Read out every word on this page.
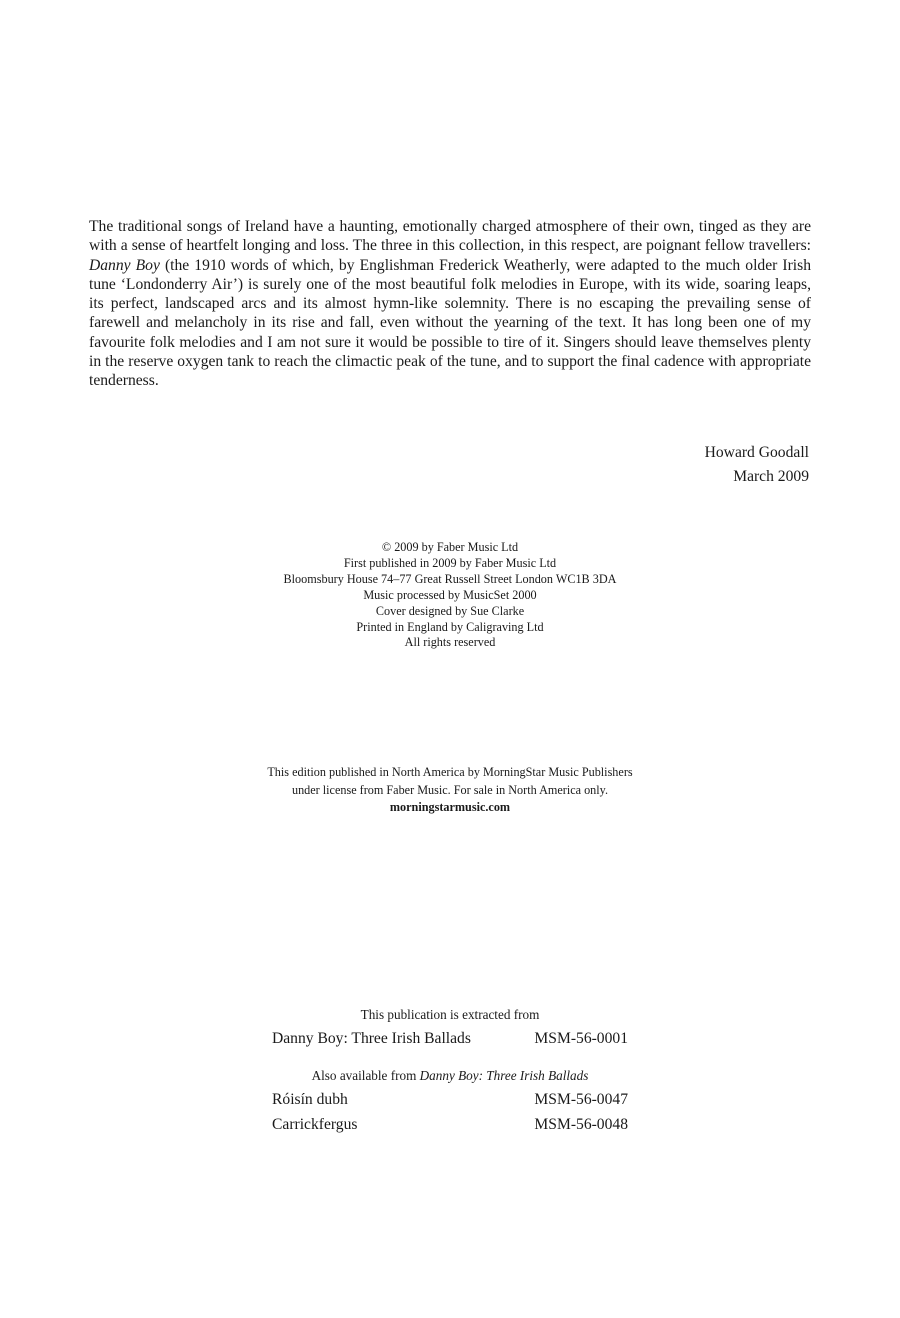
The traditional songs of Ireland have a haunting, emotionally charged atmosphere of their own, tinged as they are with a sense of heartfelt longing and loss. The three in this collection, in this respect, are poignant fellow travellers: Danny Boy (the 1910 words of which, by Englishman Frederick Weatherly, were adapted to the much older Irish tune ‘Londonderry Air’) is surely one of the most beautiful folk melodies in Europe, with its wide, soaring leaps, its perfect, landscaped arcs and its almost hymn-like solemnity. There is no escaping the prevailing sense of farewell and melancholy in its rise and fall, even without the yearning of the text. It has long been one of my favourite folk melodies and I am not sure it would be possible to tire of it. Singers should leave themselves plenty in the reserve oxygen tank to reach the climactic peak of the tune, and to support the final cadence with appropriate tenderness.

Howard Goodall
March 2009
© 2009 by Faber Music Ltd
First published in 2009 by Faber Music Ltd
Bloomsbury House 74–77 Great Russell Street London WC1B 3DA
Music processed by MusicSet 2000
Cover designed by Sue Clarke
Printed in England by Caligraving Ltd
All rights reserved
This edition published in North America by MorningStar Music Publishers
under license from Faber Music. For sale in North America only.
morningstarmusic.com
This publication is extracted from
Danny Boy: Three Irish Ballads	MSM-56-0001
Also available from Danny Boy: Three Irish Ballads
Róisín dubh	MSM-56-0047
Carrickfergus	MSM-56-0048
